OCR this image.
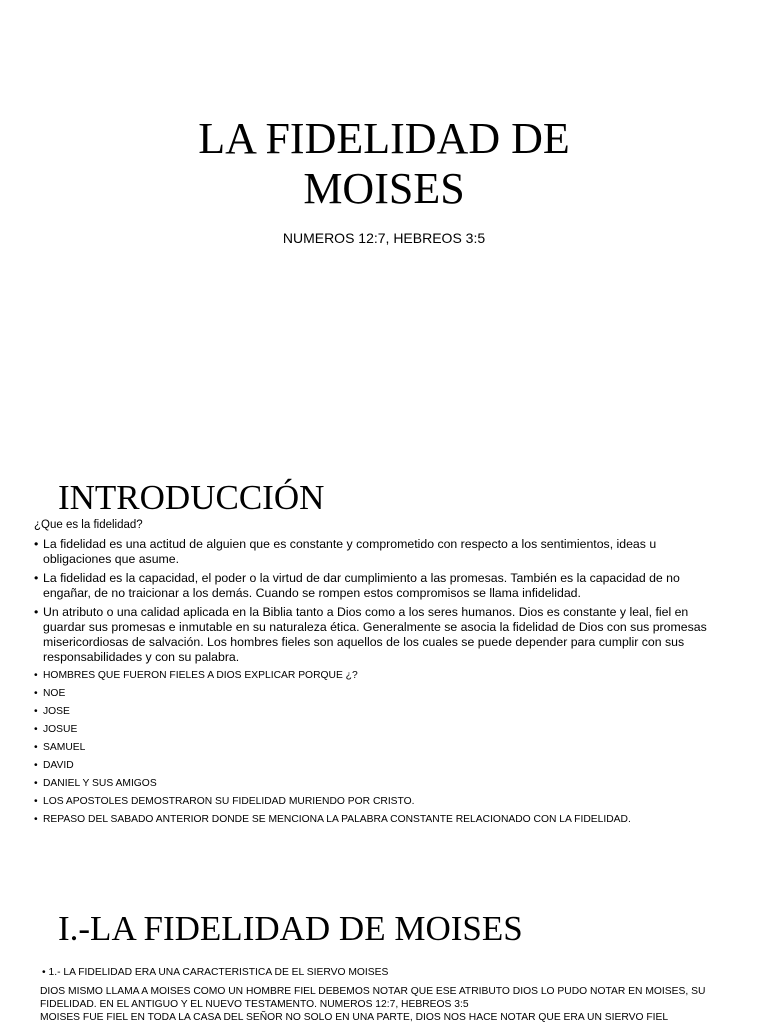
LA FIDELIDAD DE
MOISES
NUMEROS 12:7, HEBREOS 3:5
INTRODUCCIÓN

¿Que es la fidelidad?

• La fidelidad es una actitud de alguien que es constante y comprometido con respecto a los sentimientos, ideas u obligaciones que asume.
• La fidelidad es la capacidad, el poder o la virtud de dar cumplimiento a las promesas. También es la capacidad de no engañar, de no traicionar a los demás. Cuando se rompen estos compromisos se llama infidelidad.
• Un atributo o una calidad aplicada en la Biblia tanto a Dios como a los seres humanos. Dios es constante y leal, fiel en guardar sus promesas e inmutable en su naturaleza ética. Generalmente se asocia la fidelidad de Dios con sus promesas misericordiosas de salvación. Los hombres fieles son aquellos de los cuales se puede depender para cumplir con sus responsabilidades y con su palabra.
• HOMBRES QUE FUERON FIELES A DIOS EXPLICAR PORQUE ¿?
• NOE
• JOSE
• JOSUE
• SAMUEL
• DAVID
• DANIEL Y SUS AMIGOS
• LOS APOSTOLES DEMOSTRARON SU FIDELIDAD MURIENDO POR CRISTO.
• REPASO DEL SABADO ANTERIOR DONDE SE MENCIONA LA PALABRA CONSTANTE RELACIONADO CON LA FIDELIDAD.
I.-LA FIDELIDAD DE MOISES
• 1.- LA FIDELIDAD ERA UNA CARACTERISTICA DE EL SIERVO MOISES

DIOS MISMO LLAMA A MOISES COMO UN HOMBRE FIEL DEBEMOS NOTAR QUE ESE ATRIBUTO DIOS LO PUDO NOTAR EN MOISES, SU FIDELIDAD. EN EL ANTIGUO Y EL NUEVO TESTAMENTO. NUMEROS 12:7, HEBREOS 3:5

MOISES FUE FIEL EN TODA LA CASA DEL SEÑOR NO SOLO EN UNA PARTE, DIOS NOS HACE NOTAR QUE ERA UN SIERVO FIEL
